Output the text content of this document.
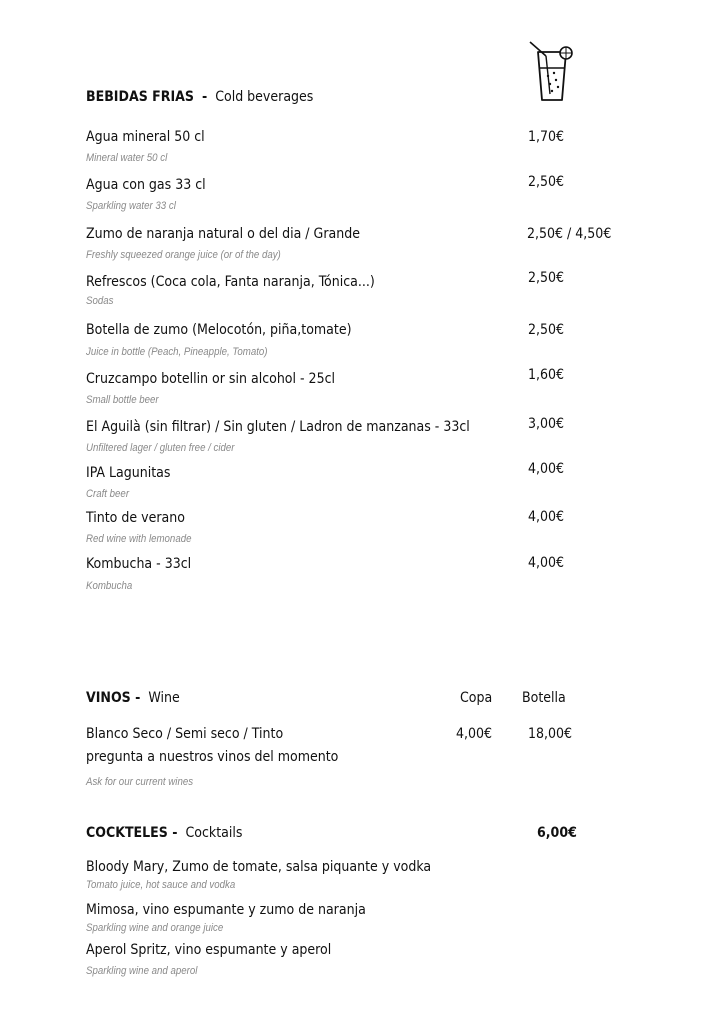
BEBIDAS FRIAS - Cold beverages
Agua mineral 50 cl
Mineral water 50 cl
1,70€
Agua con gas 33 cl
Sparkling water 33 cl
2,50€
Zumo de naranja natural o del dia / Grande
Freshly squeezed orange juice (or of the day)
2,50€ / 4,50€
Refrescos (Coca cola, Fanta naranja, Tónica...)
Sodas
2,50€
Botella de zumo (Melocotón, piña,tomate)
Juice in bottle (Peach, Pineapple, Tomato)
2,50€
Cruzcampo botellin or sin alcohol - 25cl
Small bottle beer
1,60€
El Aguilà (sin filtrar) / Sin gluten / Ladron de manzanas - 33cl
Unfiltered lager / gluten free / cider
3,00€
IPA Lagunitas
Craft beer
4,00€
Tinto de verano
Red wine with lemonade
4,00€
Kombucha - 33cl
Kombucha
4,00€
VINOS - Wine	Copa Botella
Blanco Seco / Semi seco / Tinto
pregunta a nuestros vinos del momento
Ask for our current wines
4,00€	18,00€
COCKTELES - Cocktails	6,00€
Bloody Mary, Zumo de tomate, salsa piquante y vodka
Tomato juice, hot sauce and vodka
Mimosa, vino espumante y zumo de naranja
Sparkling wine and orange juice
Aperol Spritz, vino espumante y aperol
Sparkling wine and aperol
